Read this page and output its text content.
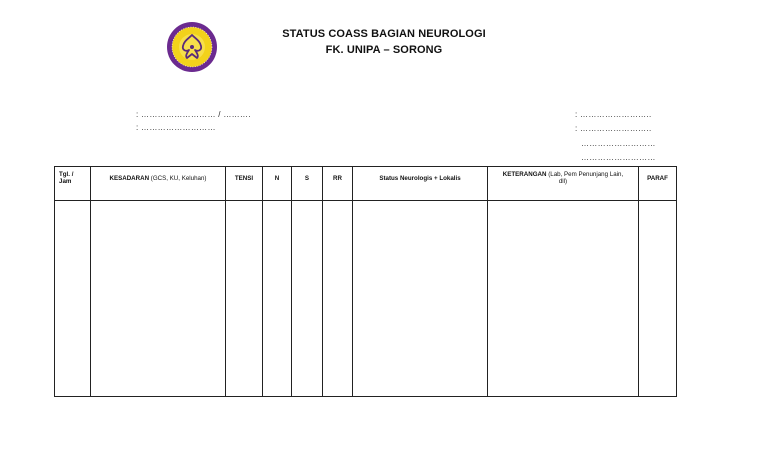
STATUS COASS BAGIAN NEUROLOGI
FK. UNIPA – SORONG
: ……………………… / ……….
: ………………………
: ……………………..
: ……………………..
………………………
………………………
Tgl. /
Jam	KESADARAN (GCS, KU, Keluhan)	TENSI	N	S	RR	Status Neurologis + Lokalis	KETERANGAN (Lab, Pem Penunjang Lain,
dll)	PARAF
